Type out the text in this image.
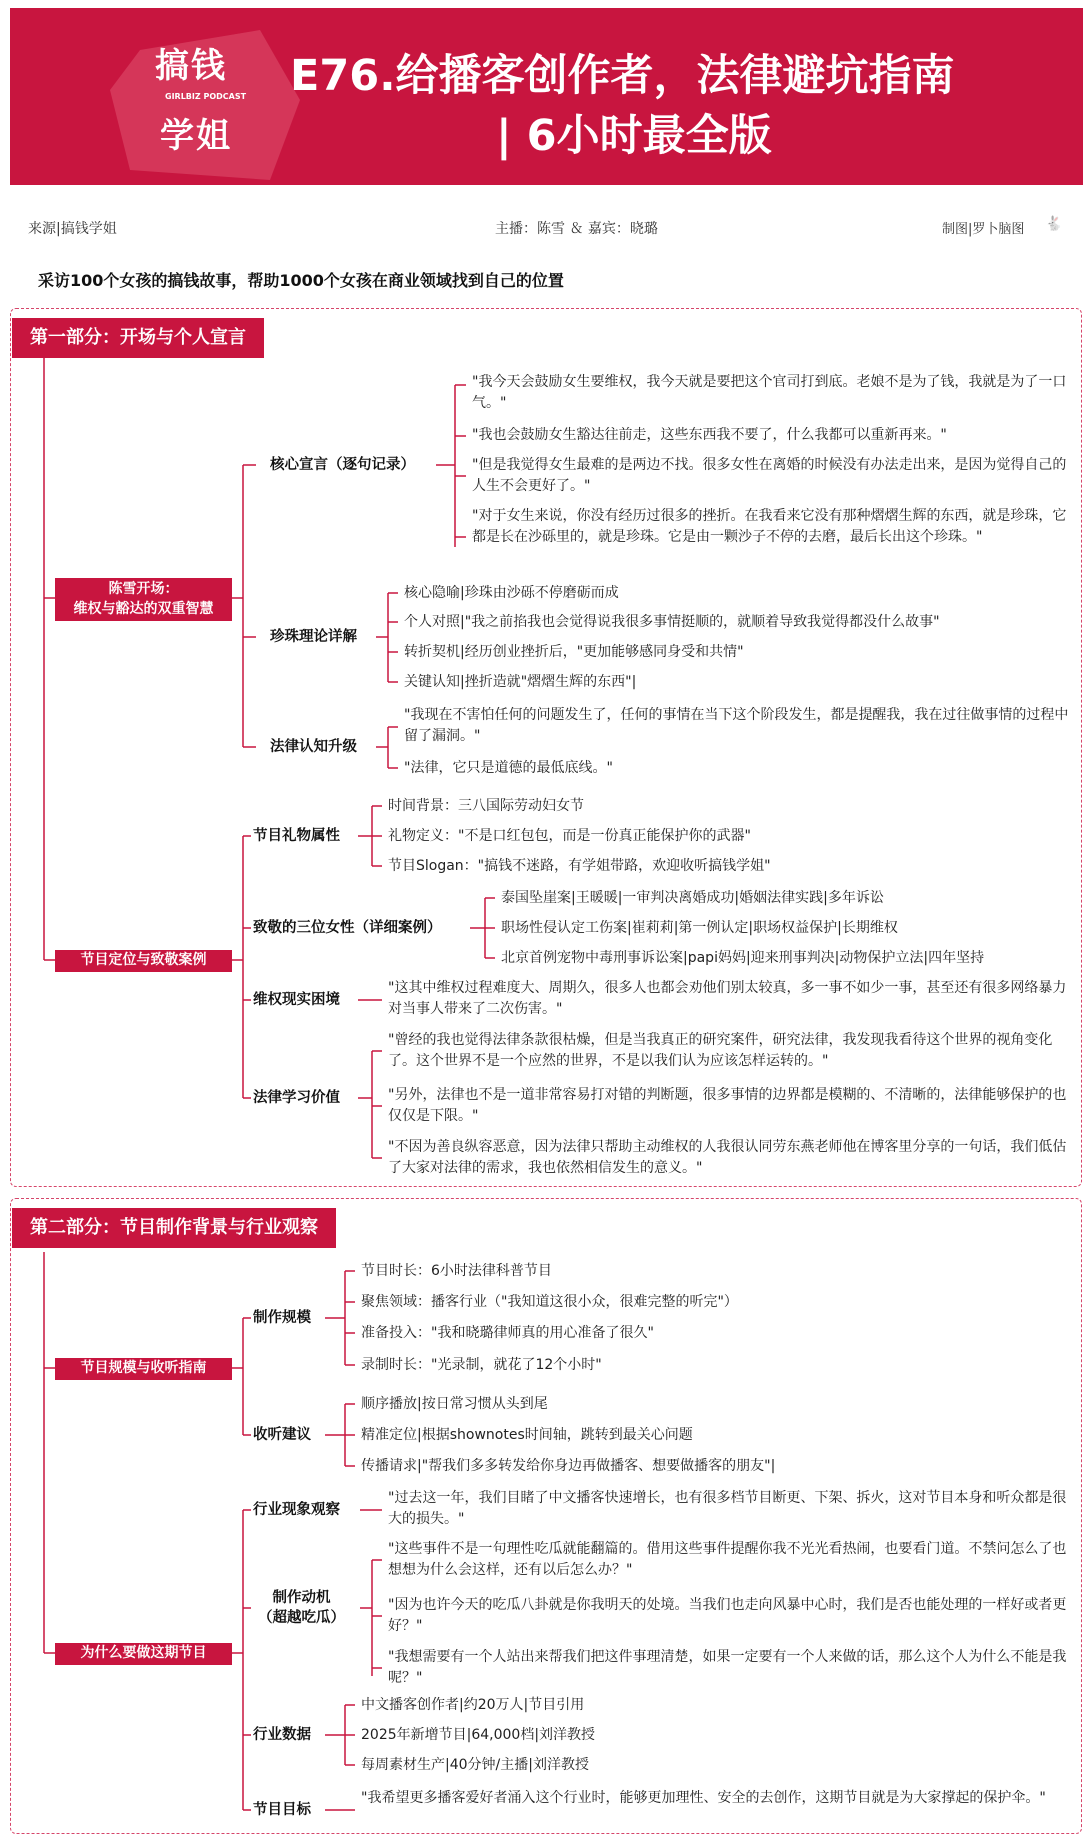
搞钱
GIRLBIZ PODCAST
学姐
E76.给播客创作者，法律避坑指南
| 6小时最全版
来源|搞钱学姐	主播：陈雪 ＆ 嘉宾：晓璐	制图|罗卜脑图 🐇
采访100个女孩的搞钱故事，帮助1000个女孩在商业领域找到自己的位置
第一部分：开场与个人宣言
陈雪开场：
维权与豁达的双重智慧
核心宣言（逐句记录）
"我今天会鼓励女生要维权，我今天就是要把这个官司打到底。老娘不是为了钱，我就是为了一口气。"
"我也会鼓励女生豁达往前走，这些东西我不要了，什么我都可以重新再来。"
"但是我觉得女生最难的是两边不找。很多女性在离婚的时候没有办法走出来，是因为觉得自己的人生不会更好了。"
"对于女生来说，你没有经历过很多的挫折。在我看来它没有那种熠熠生辉的东西，就是珍珠，它都是长在沙砾里的，就是珍珠。它是由一颗沙子不停的去磨，最后长出这个珍珠。"
珍珠理论详解
核心隐喻|珍珠由沙砾不停磨砺而成
个人对照|"我之前掐我也会觉得说我很多事情挺顺的，就顺着导致我觉得都没什么故事"
转折契机|经历创业挫折后，"更加能够感同身受和共情"
关键认知|挫折造就"熠熠生辉的东西"|
法律认知升级
"我现在不害怕任何的问题发生了，任何的事情在当下这个阶段发生，都是提醒我，我在过往做事情的过程中留了漏洞。"
"法律，它只是道德的最低底线。"
节目定位与致敬案例
节目礼物属性
时间背景：三八国际劳动妇女节
礼物定义："不是口红包包，而是一份真正能保护你的武器"
节目Slogan："搞钱不迷路，有学姐带路，欢迎收听搞钱学姐"
致敬的三位女性（详细案例）
泰国坠崖案|王暖暖|一审判决离婚成功|婚姻法律实践|多年诉讼
职场性侵认定工伤案|崔莉莉|第一例认定|职场权益保护|长期维权
北京首例宠物中毒刑事诉讼案|papi妈妈|迎来刑事判决|动物保护立法|四年坚持
维权现实困境
"这其中维权过程难度大、周期久，很多人也都会劝他们别太较真，多一事不如少一事，甚至还有很多网络暴力对当事人带来了二次伤害。"
法律学习价值
"曾经的我也觉得法律条款很枯燥，但是当我真正的研究案件，研究法律，我发现我看待这个世界的视角变化了。这个世界不是一个应然的世界，不是以我们认为应该怎样运转的。"
"另外，法律也不是一道非常容易打对错的判断题，很多事情的边界都是模糊的、不清晰的，法律能够保护的也仅仅是下限。"
"不因为善良纵容恶意，因为法律只帮助主动维权的人我很认同劳东燕老师他在博客里分享的一句话，我们低估了大家对法律的需求，我也依然相信发生的意义。"
第二部分：节目制作背景与行业观察
节目规模与收听指南
制作规模
节目时长：6小时法律科普节目
聚焦领域：播客行业（"我知道这很小众，很难完整的听完"）
准备投入："我和晓璐律师真的用心准备了很久"
录制时长："光录制，就花了12个小时"
收听建议
顺序播放|按日常习惯从头到尾
精准定位|根据shownotes时间轴，跳转到最关心问题
传播请求|"帮我们多多转发给你身边再做播客、想要做播客的朋友"|
为什么要做这期节目
行业现象观察
"过去这一年，我们目睹了中文播客快速增长，也有很多档节目断更、下架、拆火，这对节目本身和听众都是很大的损失。"
制作动机
（超越吃瓜）
"这些事件不是一句理性吃瓜就能翻篇的。借用这些事件提醒你我不光光看热闹，也要看门道。不禁问怎么了也想想为什么会这样，还有以后怎么办？"
"因为也许今天的吃瓜八卦就是你我明天的处境。当我们也走向风暴中心时，我们是否也能处理的一样好或者更好？"
"我想需要有一个人站出来帮我们把这件事理清楚，如果一定要有一个人来做的话，那么这个人为什么不能是我呢？"
行业数据
中文播客创作者|约20万人|节目引用
2025年新增节目|64,000档|刘洋教授
每周素材生产|40分钟/主播|刘洋教授
节目目标
"我希望更多播客爱好者涌入这个行业时，能够更加理性、安全的去创作，这期节目就是为大家撑起的保护伞。"
